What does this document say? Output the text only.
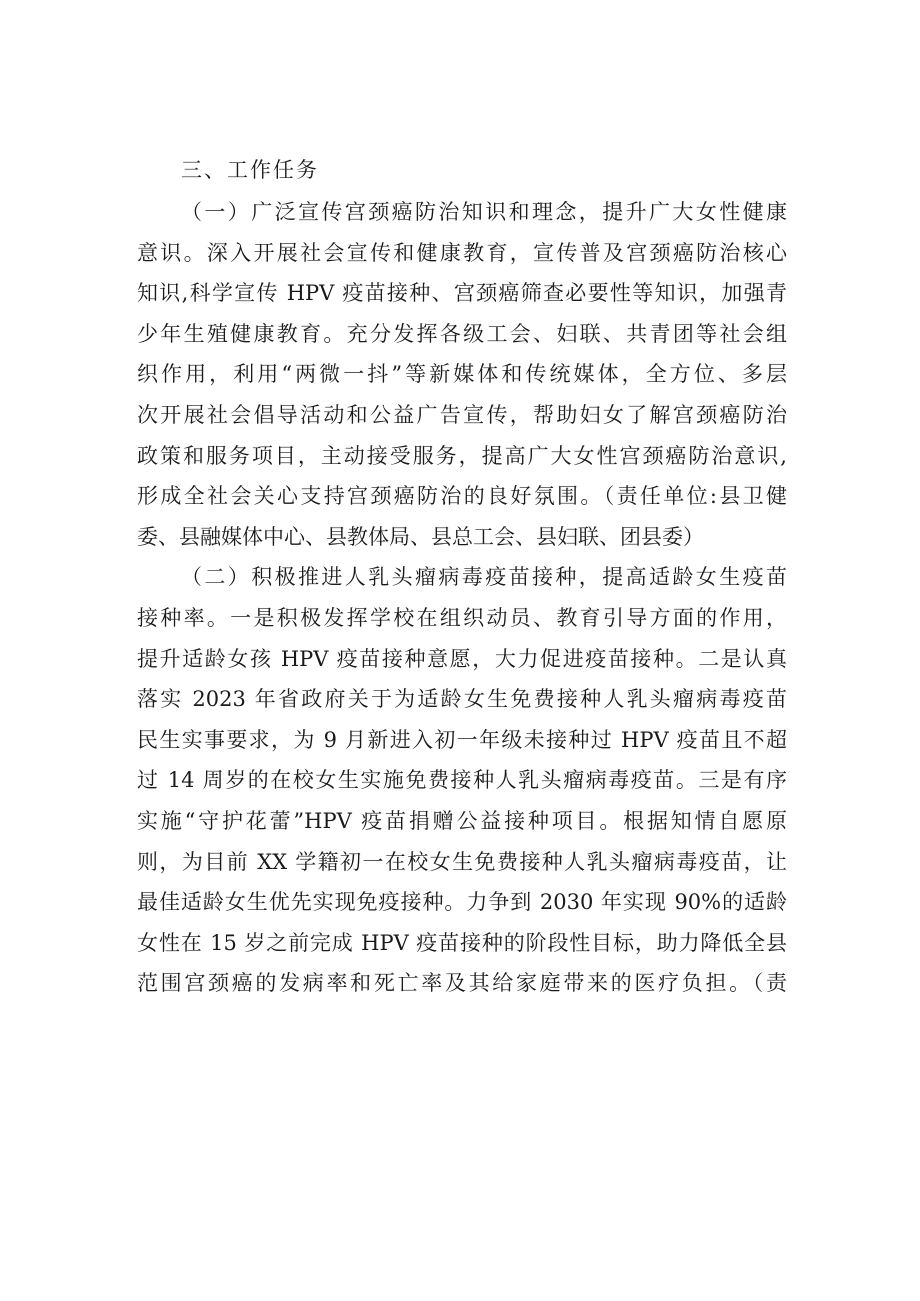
三、工作任务
（一）广泛宣传宫颈癌防治知识和理念，提升广大女性健康
意识。深入开展社会宣传和健康教育，宣传普及宫颈癌防治核心
知识,科学宣传 HPV 疫苗接种、宫颈癌筛查必要性等知识，加强青
少年生殖健康教育。充分发挥各级工会、妇联、共青团等社会组
织作用，利用“两微一抖”等新媒体和传统媒体，全方位、多层
次开展社会倡导活动和公益广告宣传，帮助妇女了解宫颈癌防治
政策和服务项目，主动接受服务，提高广大女性宫颈癌防治意识,
形成全社会关心支持宫颈癌防治的良好氛围。（责任单位:县卫健
委、县融媒体中心、县教体局、县总工会、县妇联、团县委）
（二）积极推进人乳头瘤病毒疫苗接种，提高适龄女生疫苗
接种率。一是积极发挥学校在组织动员、教育引导方面的作用，
提升适龄女孩 HPV 疫苗接种意愿，大力促进疫苗接种。二是认真
落实 2023 年省政府关于为适龄女生免费接种人乳头瘤病毒疫苗
民生实事要求，为 9 月新进入初一年级未接种过 HPV 疫苗且不超
过 14 周岁的在校女生实施免费接种人乳头瘤病毒疫苗。三是有序
实施“守护花蕾”HPV 疫苗捐赠公益接种项目。根据知情自愿原
则，为目前 XX 学籍初一在校女生免费接种人乳头瘤病毒疫苗，让
最佳适龄女生优先实现免疫接种。力争到 2030 年实现 90%的适龄
女性在 15 岁之前完成 HPV 疫苗接种的阶段性目标，助力降低全县
范围宫颈癌的发病率和死亡率及其给家庭带来的医疗负担。（责
